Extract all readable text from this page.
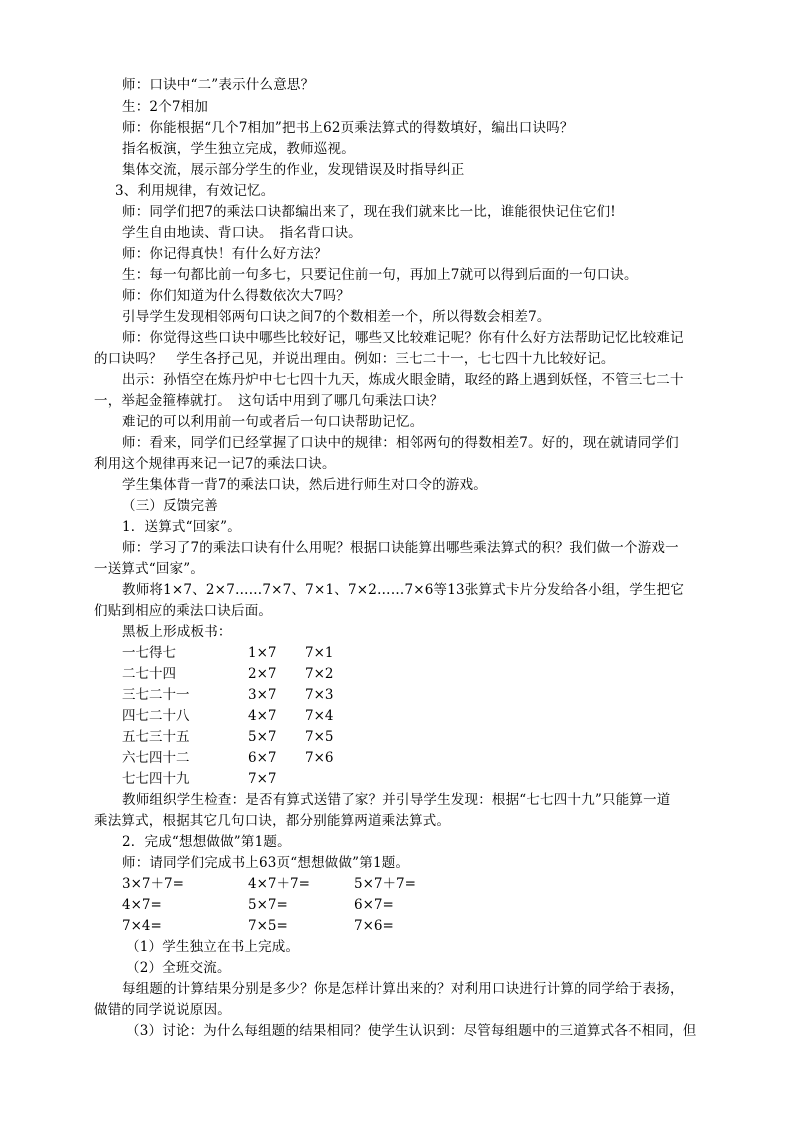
师：口诀中“二”表示什么意思？
生：2个7相加
师：你能根据“几个7相加”把书上62页乘法算式的得数填好，编出口诀吗？
指名板演，学生独立完成，教师巡视。
集体交流，展示部分学生的作业，发现错误及时指导纠正
3、利用规律，有效记忆。
师：同学们把7的乘法口诀都编出来了，现在我们就来比一比，谁能很快记住它们!
学生自由地读、背口诀。　指名背口诀。
师：你记得真快！有什么好方法？
生：每一句都比前一句多七，只要记住前一句，再加上7就可以得到后面的一句口诀。
师：你们知道为什么得数依次大7吗？
引导学生发现相邻两句口诀之间7的个数相差一个，所以得数会相差7。
师：你觉得这些口诀中哪些比较好记，哪些又比较难记呢？你有什么好方法帮助记忆比较难记
的口诀吗？　学生各抒己见，并说出理由。例如：三七二十一，七七四十九比较好记。
出示：孙悟空在炼丹炉中七七四十九天，炼成火眼金睛，取经的路上遇到妖怪，不管三七二十
一，举起金箍棒就打。　这句话中用到了哪几句乘法口诀？
难记的可以利用前一句或者后一句口诀帮助记忆。
师：看来，同学们已经掌握了口诀中的规律：相邻两句的得数相差7。好的，现在就请同学们
利用这个规律再来记一记7的乘法口诀。
学生集体背一背7的乘法口诀，然后进行师生对口令的游戏。
（三）反馈完善
1．送算式“回家”。
师：学习了7的乘法口诀有什么用呢？根据口诀能算出哪些乘法算式的积？我们做一个游戏一
一送算式“回家”。
教师将1×7、2×7……7×7、7×1、7×2……7×6等13张算式卡片分发给各小组，学生把它
们贴到相应的乘法口诀后面。
黑板上形成板书：
一七得七	1×7 7×1
二七十四	2×7 7×2
三七二十一	3×7 7×3
四七二十八	4×7 7×4
五七三十五	5×7 7×5
六七四十二	6×7 7×6
七七四十九	7×7
教师组织学生检查：是否有算式送错了家？并引导学生发现：根据“七七四十九”只能算一道
乘法算式，根据其它几句口诀，都分别能算两道乘法算式。
2．完成“想想做做”第1题。
师：请同学们完成书上63页“想想做做”第1题。
3×7＋7=	4×7＋7=	5×7＋7=
4×7=	5×7=	6×7=
7×4=	7×5=	7×6=
（1）学生独立在书上完成。
（2）全班交流。
每组题的计算结果分别是多少？你是怎样计算出来的？对利用口诀进行计算的同学给于表扬，
做错的同学说说原因。
（3）讨论：为什么每组题的结果相同？使学生认识到：尽管每组题中的三道算式各不相同，但
